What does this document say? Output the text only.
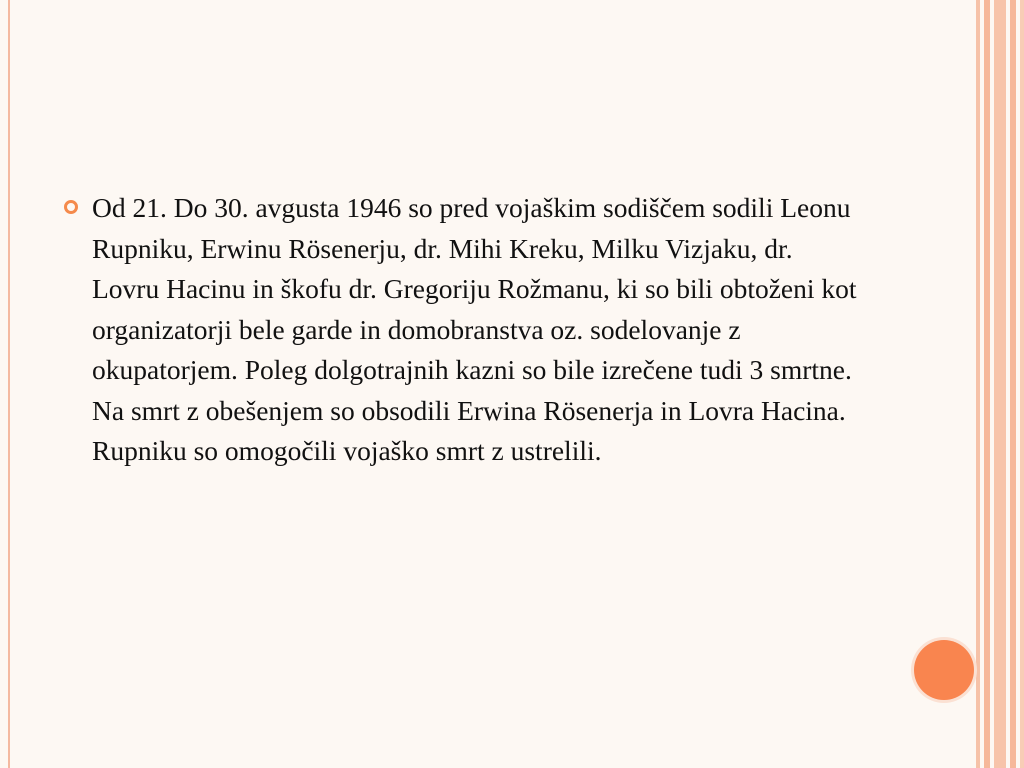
Od 21. Do 30. avgusta 1946 so pred vojaškim sodiščem sodili Leonu Rupniku, Erwinu Rösenerju, dr. Mihi Kreku, Milku Vizjaku, dr. Lovru Hacinu in škofu dr. Gregoriju Rožmanu, ki so bili obtoženi kot organizatorji bele garde in domobranstva oz. sodelovanje z okupatorjem. Poleg dolgotrajnih kazni so bile izrečene tudi 3 smrtne. Na smrt z obešenjem so obsodili Erwina Rösenerja in Lovra Hacina. Rupniku so omogočili vojaško smrt z ustrelili.
